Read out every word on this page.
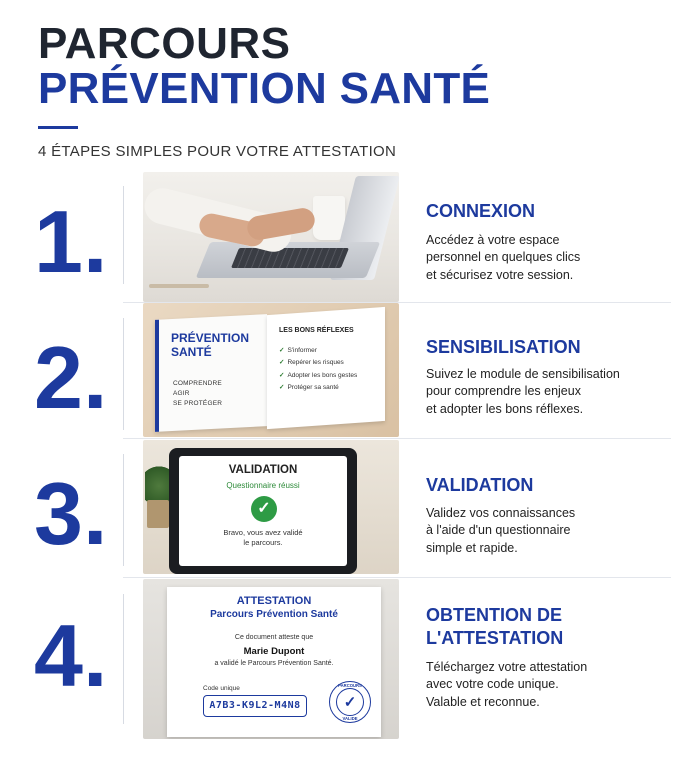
PARCOURS
PRÉVENTION SANTÉ
4 ÉTAPES SIMPLES POUR VOTRE ATTESTATION
1.	CONNEXION
Accédez à votre espace
personnel en quelques clics
et sécurisez votre session.
2.	PRÉVENTION SANTÉ
COMPRENDRE
AGIR
SE PROTÉGER
LES BONS RÉFLEXES
✓ S'informer
✓ Repérer les risques
✓ Adopter les bons gestes
✓ Protéger sa santé
SENSIBILISATION
Suivez le module de sensibilisation
pour comprendre les enjeux
et adopter les bons réflexes.
3.	VALIDATION
Questionnaire réussi
✓
Bravo, vous avez validé
le parcours.
VALIDATION
Validez vos connaissances
à l'aide d'un questionnaire
simple et rapide.
4.
ATTESTATION
Parcours Prévention Santé
Ce document atteste que
Marie Dupont
a validé le Parcours Prévention Santé.
Code unique
A7B3-K9L2-M4N8
PARCOURS
✓
VALIDE
OBTENTION DE
L'ATTESTATION
Téléchargez votre attestation
avec votre code unique.
Valable et reconnue.
